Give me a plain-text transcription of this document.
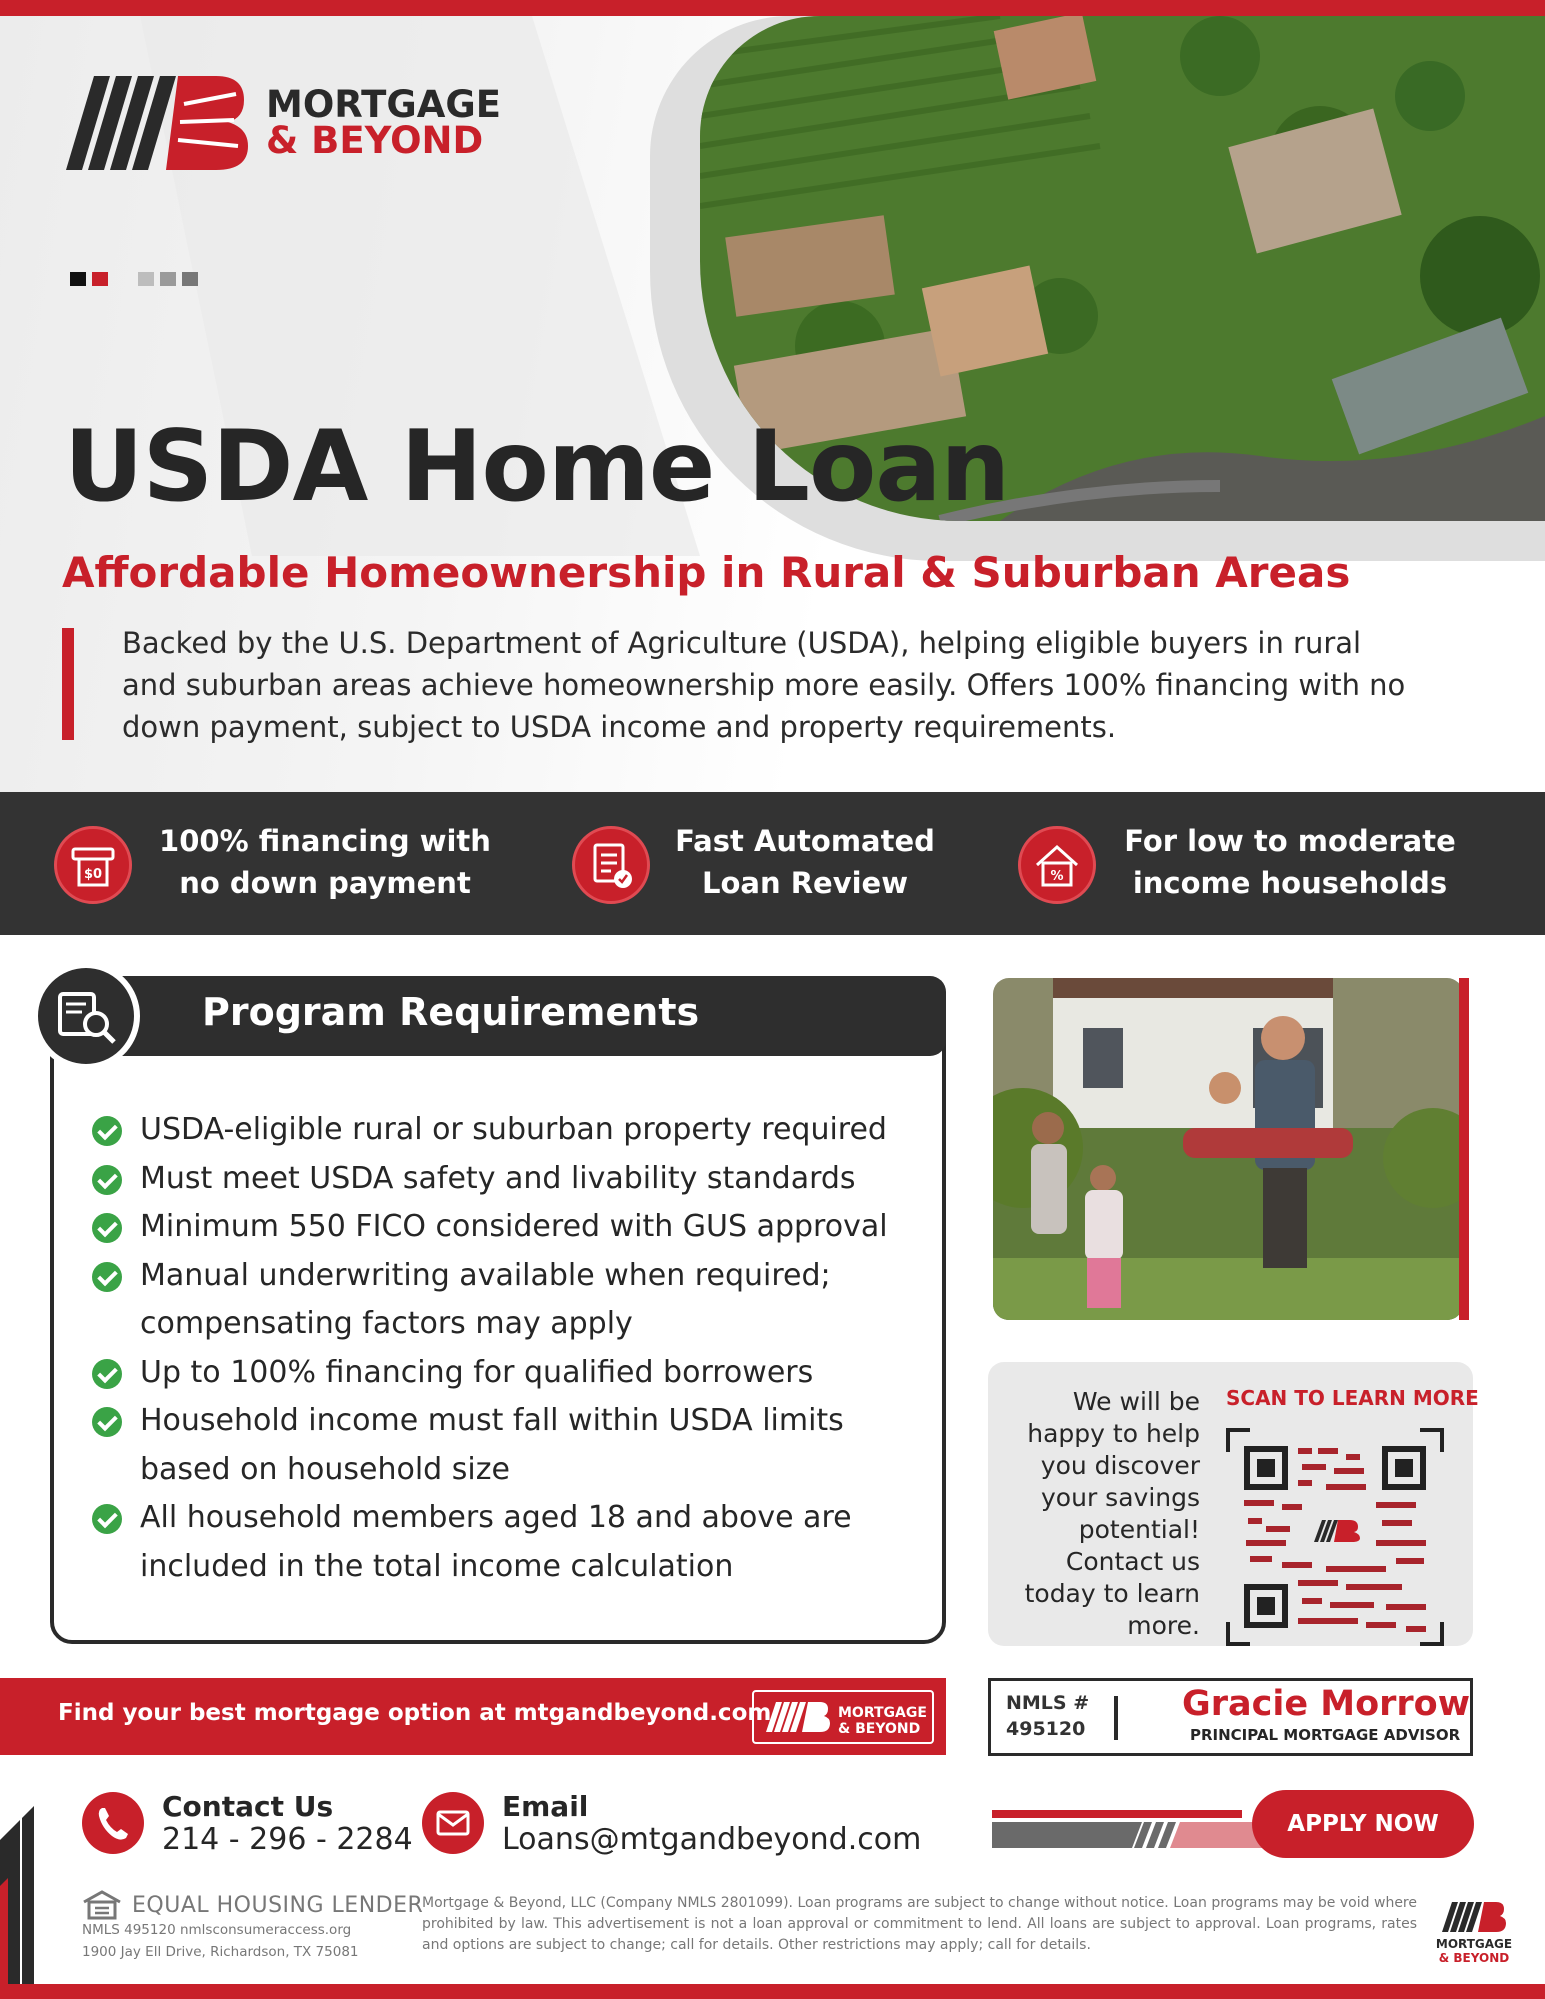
MORTGAGE
& BEYOND
USDA Home Loan
Affordable Homeownership in Rural & Suburban Areas

Backed by the U.S. Department of Agriculture (USDA), helping eligible buyers in rural and suburban areas achieve homeownership more easily. Offers 100% financing with no down payment, subject to USDA income and property requirements.

$0
100% financing with
no down payment
Fast Automated
Loan Review	%
For low to moderate
income households
Program Requirements
USDA-eligible rural or suburban property required
Must meet USDA safety and livability standards
Minimum 550 FICO considered with GUS approval
Manual underwriting available when required; compensating factors may apply
Up to 100% financing for qualified borrowers
Household income must fall within USDA limits based on household size
All household members aged 18 and above are included in the total income calculation

We will be happy to help you discover your savings potential! Contact us today to learn more.

SCAN TO LEARN MORE
Find your best mortgage option at mtgandbeyond.com	MORTGAGE
& BEYOND
NMLS #
495120
Gracie Morrow
PRINCIPAL MORTGAGE ADVISOR
Contact Us
214 - 296 - 2284
Email
Loans@mtgandbeyond.com	APPLY NOW
EQUAL HOUSING LENDER
NMLS 495120 nmlsconsumeraccess.org
1900 Jay Ell Drive, Richardson, TX 75081

Mortgage & Beyond, LLC (Company NMLS 2801099). Loan programs are subject to change without notice. Loan programs may be void where prohibited by law. This advertisement is not a loan approval or commitment to lend. All loans are subject to approval. Loan programs, rates and options are subject to change; call for details. Other restrictions may apply; call for details.	MORTGAGE
& BEYOND
